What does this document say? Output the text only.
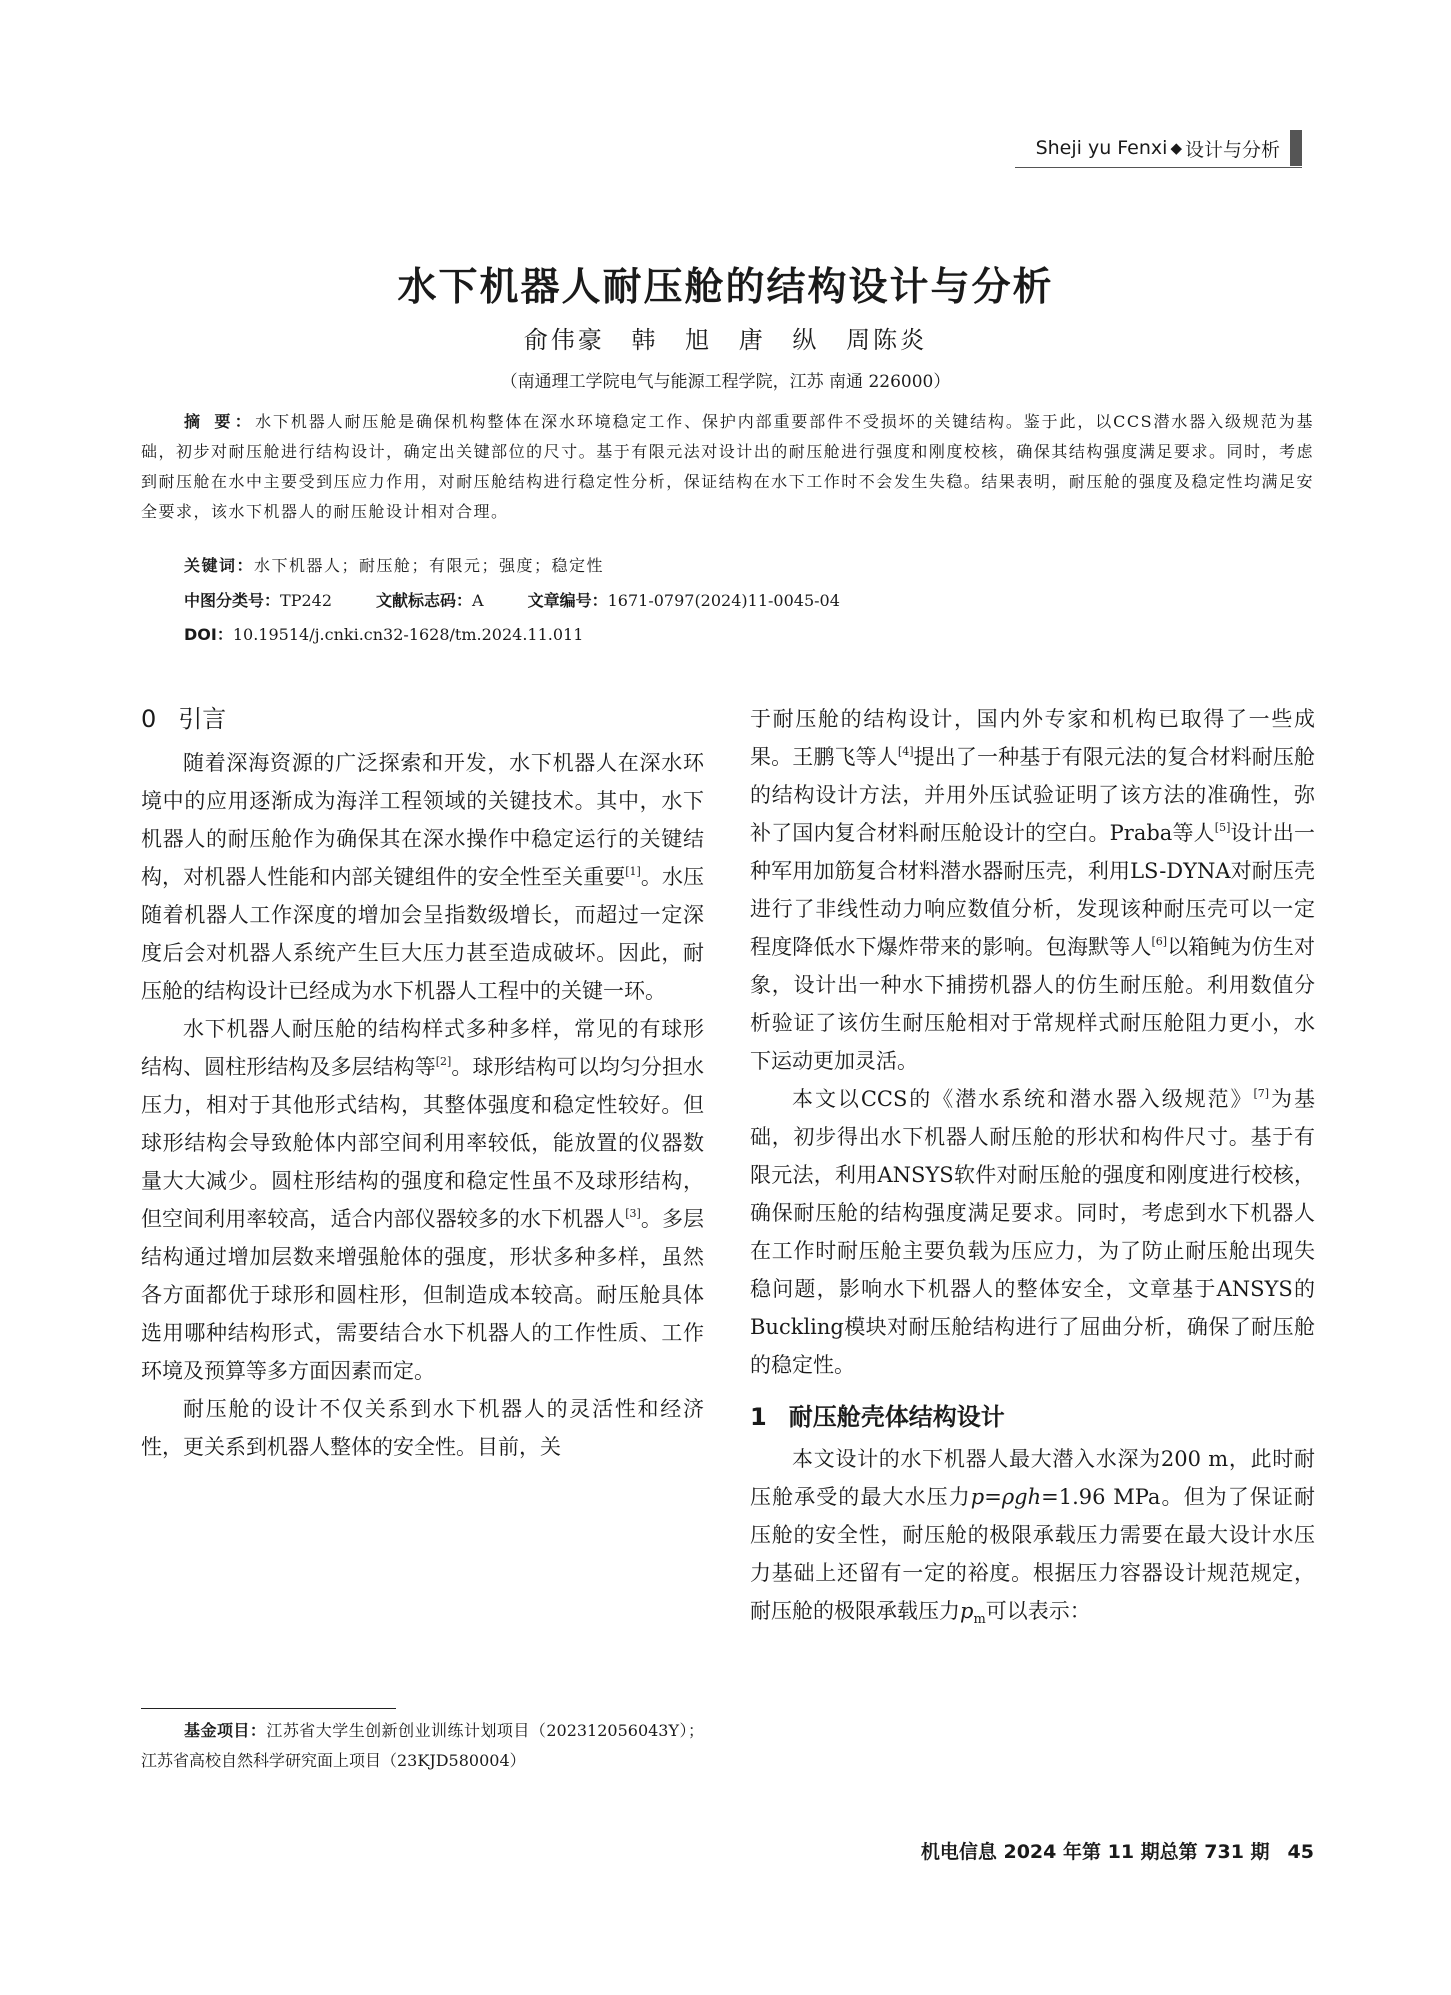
Sheji yu Fenxi ◆ 设计与分析
水下机器人耐压舱的结构设计与分析
俞伟豪 韩 旭 唐 纵 周陈炎
（南通理工学院电气与能源工程学院，江苏 南通 226000）
摘 要：水下机器人耐压舱是确保机构整体在深水环境稳定工作、保护内部重要部件不受损坏的关键结构。鉴于此，以CCS潜水器入级规范为基础，初步对耐压舱进行结构设计，确定出关键部位的尺寸。基于有限元法对设计出的耐压舱进行强度和刚度校核，确保其结构强度满足要求。同时，考虑到耐压舱在水中主要受到压应力作用，对耐压舱结构进行稳定性分析，保证结构在水下工作时不会发生失稳。结果表明，耐压舱的强度及稳定性均满足安全要求，该水下机器人的耐压舱设计相对合理。
关键词：水下机器人；耐压舱；有限元；强度；稳定性
中图分类号：TP242	文献标志码：A	文章编号：1671-0797(2024)11-0045-04
DOI：10.19514/j.cnki.cn32-1628/tm.2024.11.011
0 引言

随着深海资源的广泛探索和开发，水下机器人在深水环境中的应用逐渐成为海洋工程领域的关键技术。其中，水下机器人的耐压舱作为确保其在深水操作中稳定运行的关键结构，对机器人性能和内部关键组件的安全性至关重要[1]。水压随着机器人工作深度的增加会呈指数级增长，而超过一定深度后会对机器人系统产生巨大压力甚至造成破坏。因此，耐压舱的结构设计已经成为水下机器人工程中的关键一环。

水下机器人耐压舱的结构样式多种多样，常见的有球形结构、圆柱形结构及多层结构等[2]。球形结构可以均匀分担水压力，相对于其他形式结构，其整体强度和稳定性较好。但球形结构会导致舱体内部空间利用率较低，能放置的仪器数量大大减少。圆柱形结构的强度和稳定性虽不及球形结构，但空间利用率较高，适合内部仪器较多的水下机器人[3]。多层结构通过增加层数来增强舱体的强度，形状多种多样，虽然各方面都优于球形和圆柱形，但制造成本较高。耐压舱具体选用哪种结构形式，需要结合水下机器人的工作性质、工作环境及预算等多方面因素而定。

耐压舱的设计不仅关系到水下机器人的灵活性和经济性，更关系到机器人整体的安全性。目前，关

于耐压舱的结构设计，国内外专家和机构已取得了一些成果。王鹏飞等人[4]提出了一种基于有限元法的复合材料耐压舱的结构设计方法，并用外压试验证明了该方法的准确性，弥补了国内复合材料耐压舱设计的空白。Praba等人[5]设计出一种军用加筋复合材料潜水器耐压壳，利用LS-DYNA对耐压壳进行了非线性动力响应数值分析，发现该种耐压壳可以一定程度降低水下爆炸带来的影响。包海默等人[6]以箱鲀为仿生对象，设计出一种水下捕捞机器人的仿生耐压舱。利用数值分析验证了该仿生耐压舱相对于常规样式耐压舱阻力更小，水下运动更加灵活。

本文以CCS的《潜水系统和潜水器入级规范》[7]为基础，初步得出水下机器人耐压舱的形状和构件尺寸。基于有限元法，利用ANSYS软件对耐压舱的强度和刚度进行校核，确保耐压舱的结构强度满足要求。同时，考虑到水下机器人在工作时耐压舱主要负载为压应力，为了防止耐压舱出现失稳问题，影响水下机器人的整体安全，文章基于ANSYS的Buckling模块对耐压舱结构进行了屈曲分析，确保了耐压舱的稳定性。

1 耐压舱壳体结构设计

本文设计的水下机器人最大潜入水深为200 m，此时耐压舱承受的最大水压力p=ρgh=1.96 MPa。但为了保证耐压舱的安全性，耐压舱的极限承载压力需要在最大设计水压力基础上还留有一定的裕度。根据压力容器设计规范规定，耐压舱的极限承载压力$p_m$可以表示：

基金项目：江苏省大学生创新创业训练计划项目（202312056043Y）；江苏省高校自然科学研究面上项目（23KJD580004）
机电信息 2024 年第 11 期总第 731 期 45
